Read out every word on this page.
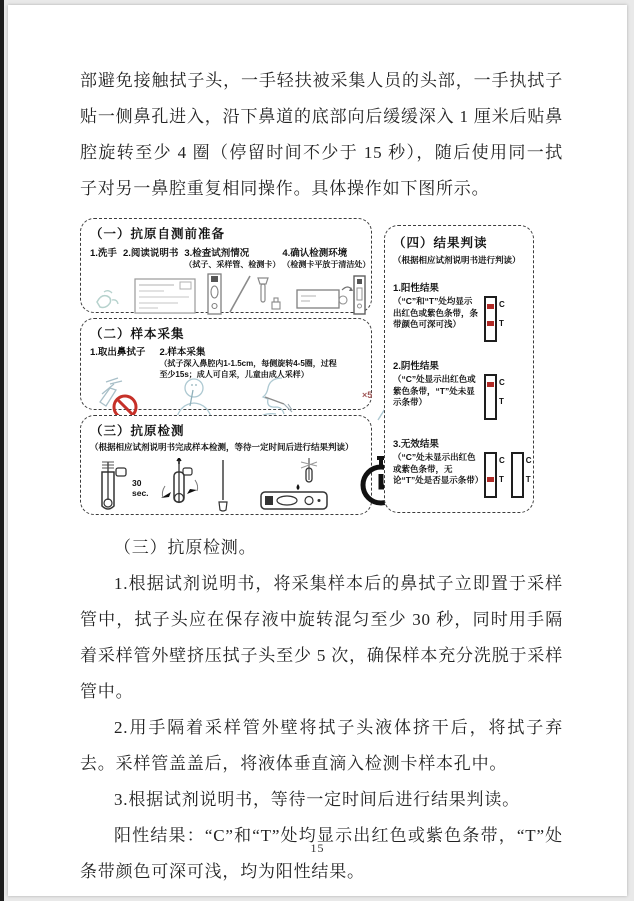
部避免接触拭子头，一手轻扶被采集人员的头部，一手执拭子贴一侧鼻孔进入，沿下鼻道的底部向后缓缓深入 1 厘米后贴鼻腔旋转至少 4 圈（停留时间不少于 15 秒），随后使用同一拭子对另一鼻腔重复相同操作。具体操作如下图所示。

（一）抗原自测前准备
1.洗手 2.阅读说明书 3.检查试剂情况
（拭子、采样管、检测卡）
4.确认检测环境
（检测卡平放于清洁处）
（二）样本采集
1.取出鼻拭子 2.样本采集
（拭子深入鼻腔内1-1.5cm，每侧旋转4-5圈，过程至少15s；成人可自采，儿童由成人采样）
×5
（三）抗原检测
（根据相应试剂说明书完成样本检测，等待一定时间后进行结果判读）
30 sec.
（四）结果判读
（根据相应试剂说明书进行判读）
1.阳性结果
（“C”和“T”处均显示出红色或紫色条带，条带颜色可深可浅）
C
T
2.阴性结果
（“C”处显示出红色或紫色条带，“T”处未显示条带）
C
T
3.无效结果
（“C”处未显示出红色或紫色条带，无论“T”处是否显示条带）
C
T
C
T

（三）抗原检测。

1.根据试剂说明书，将采集样本后的鼻拭子立即置于采样管中，拭子头应在保存液中旋转混匀至少 30 秒，同时用手隔着采样管外壁挤压拭子头至少 5 次，确保样本充分洗脱于采样管中。

2.用手隔着采样管外壁将拭子头液体挤干后，将拭子弃去。采样管盖盖后，将液体垂直滴入检测卡样本孔中。

3.根据试剂说明书，等待一定时间后进行结果判读。

阳性结果：“C”和“T”处均显示出红色或紫色条带，“T”处条带颜色可深可浅，均为阳性结果。

15
